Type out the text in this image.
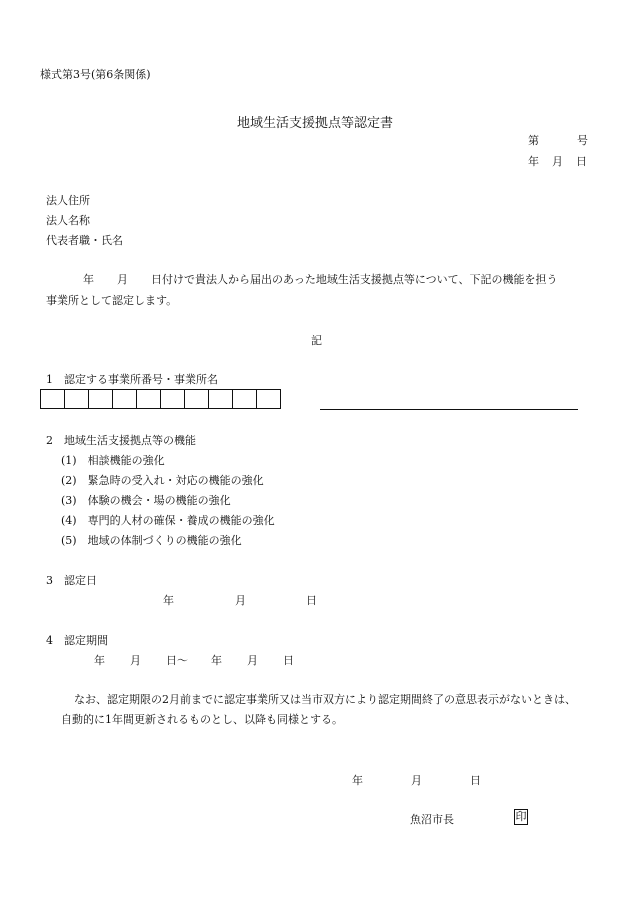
様式第3号(第6条関係)
地域生活支援拠点等認定書
第	号
年 月 日
法人住所
法人名称
代表者職・氏名
年 月 日付けで貴法人から届出のあった地域生活支援拠点等について、下記の機能を担う
事業所として認定します。
記
1　認定する事業所番号・事業所名
2　地域生活支援拠点等の機能
(1)　相談機能の強化
(2)　緊急時の受入れ・対応の機能の強化
(3)　体験の機会・場の機能の強化
(4)　専門的人材の確保・養成の機能の強化
(5)　地域の体制づくりの機能の強化
3　認定日
年	月	日
4　認定期間
年 月 日〜 年 月 日
なお、認定期限の2月前までに認定事業所又は当市双方により認定期間終了の意思表示がないときは、
自動的に1年間更新されるものとし、以降も同様とする。
年	月	日
魚沼市長	印
